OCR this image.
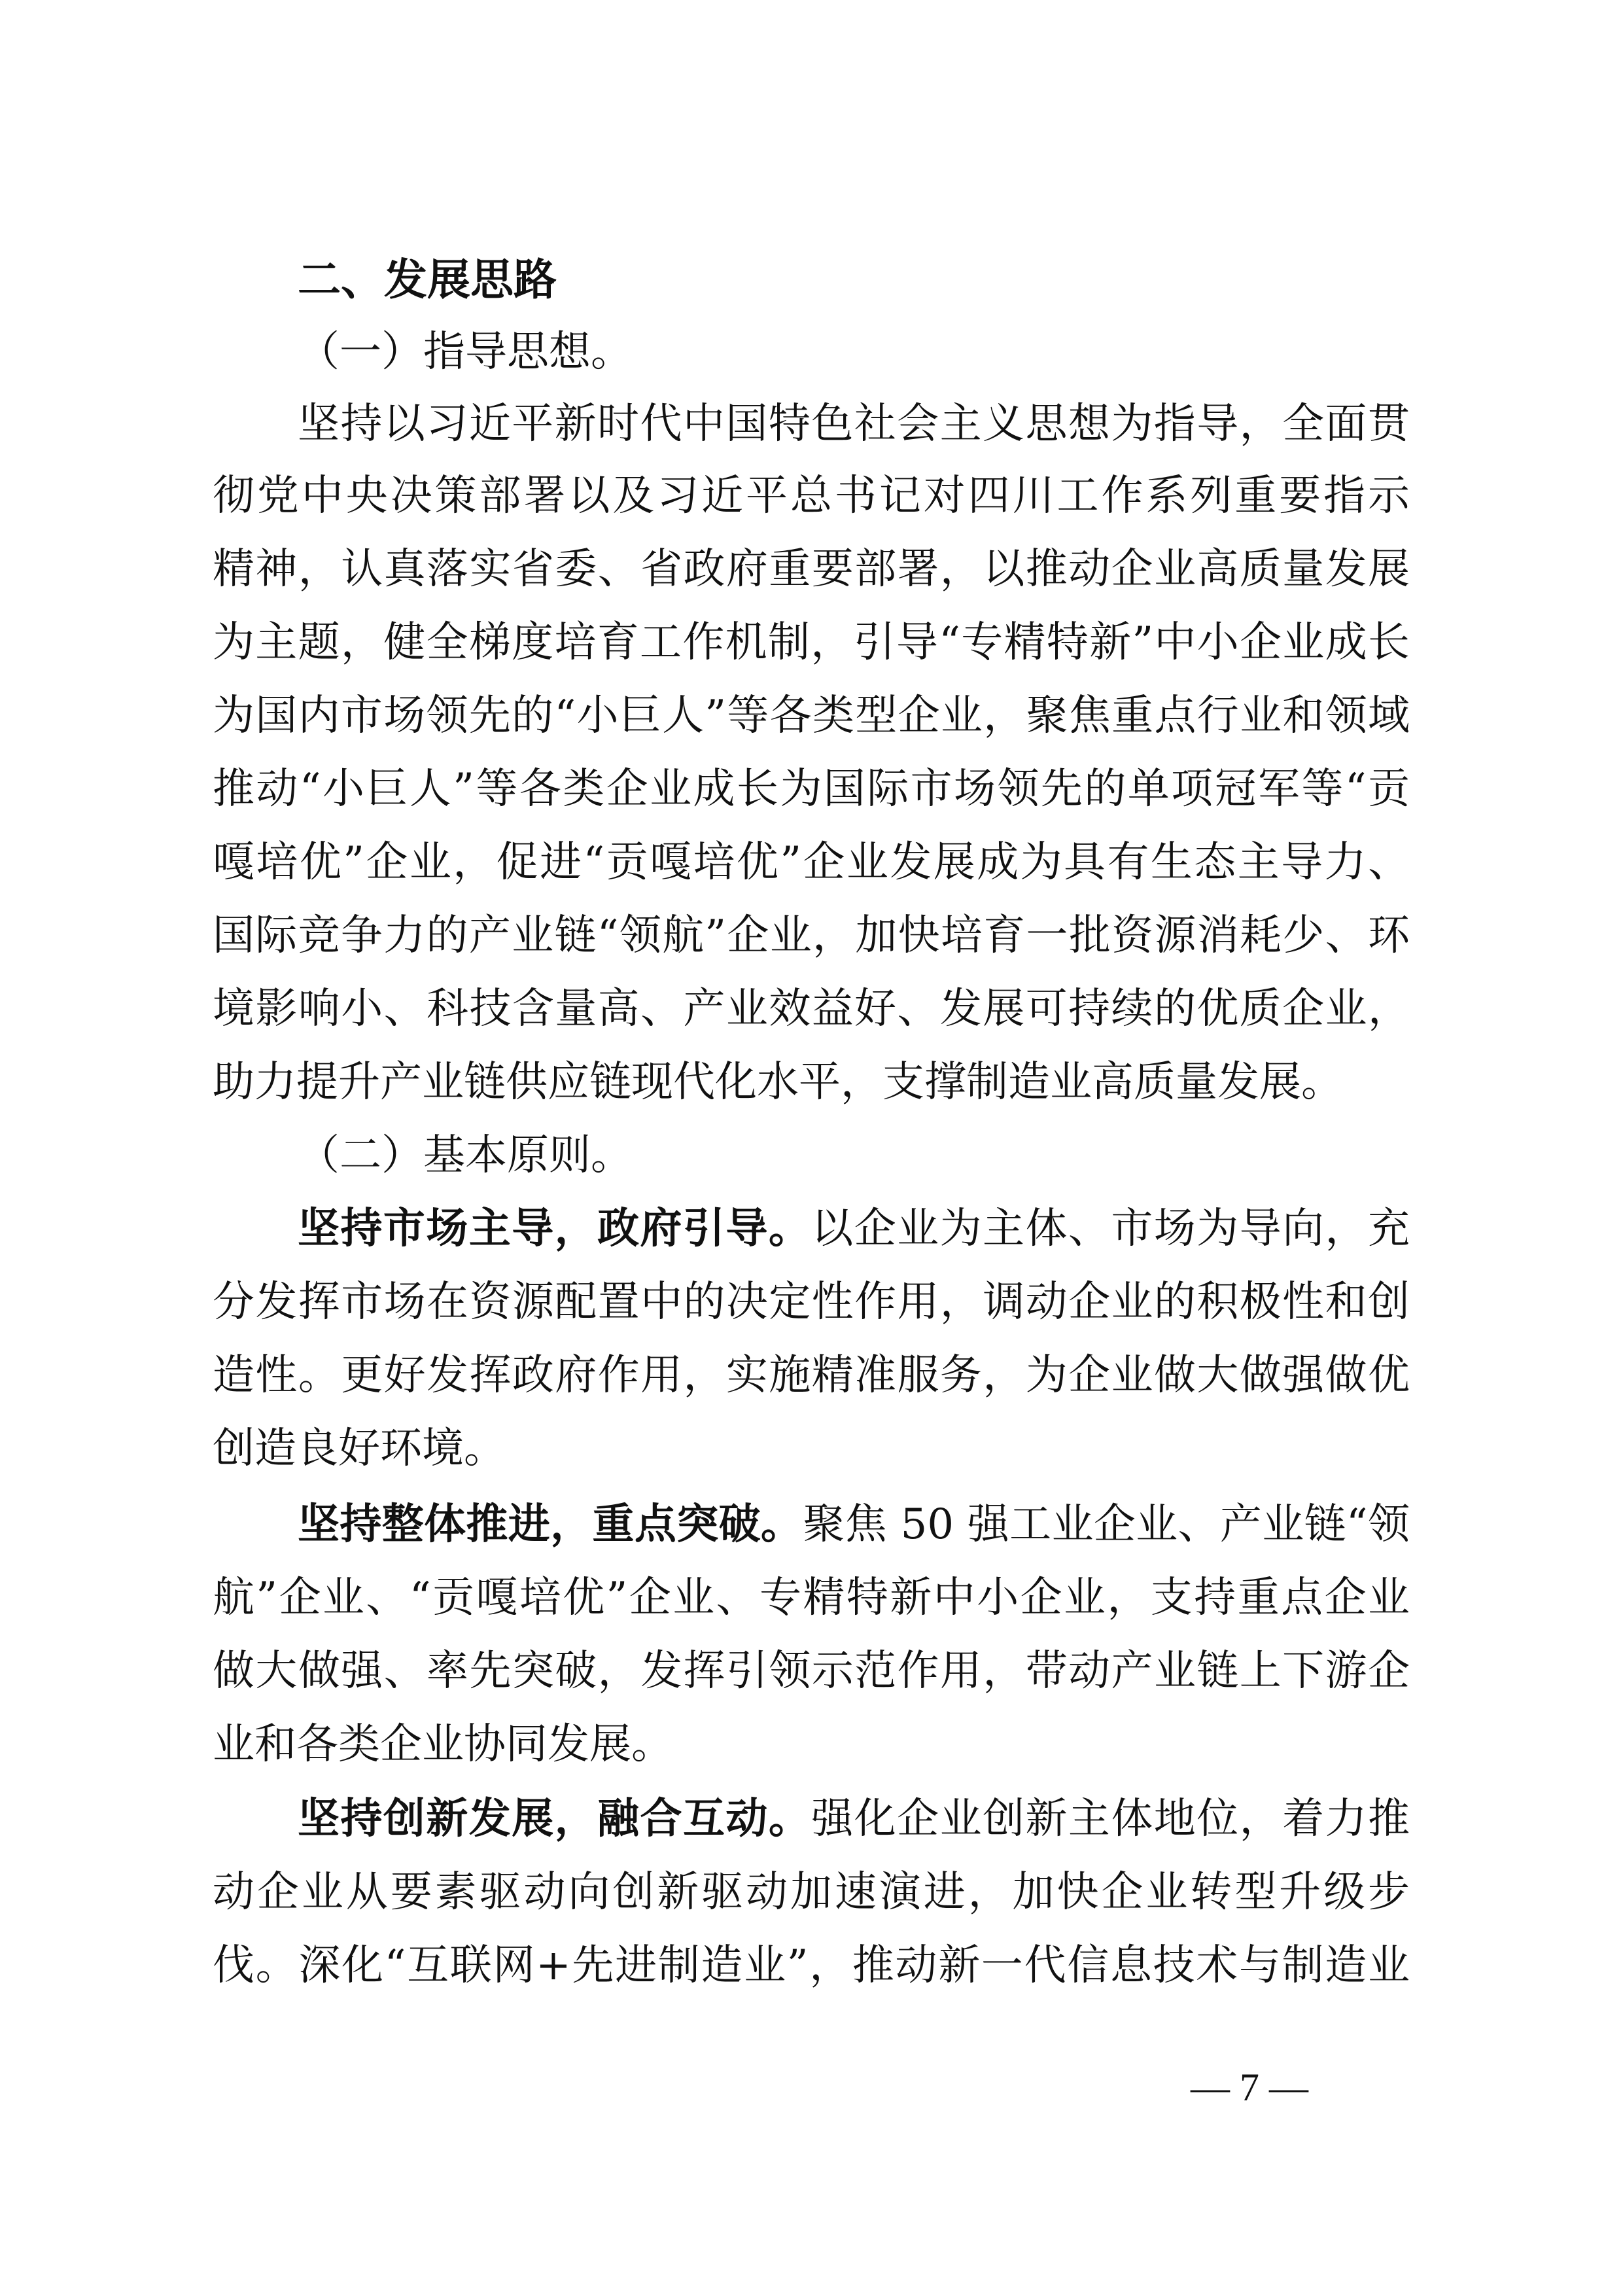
二、发展思路
（一）指导思想。
坚持以习近平新时代中国特色社会主义思想为指导，全面贯
彻党中央决策部署以及习近平总书记对四川工作系列重要指示
精神，认真落实省委、省政府重要部署，以推动企业高质量发展
为主题，健全梯度培育工作机制，引导“专精特新”中小企业成长
为国内市场领先的“小巨人”等各类型企业，聚焦重点行业和领域
推动“小巨人”等各类企业成长为国际市场领先的单项冠军等“贡
嘎培优”企业，促进“贡嘎培优”企业发展成为具有生态主导力、
国际竞争力的产业链“领航”企业，加快培育一批资源消耗少、环
境影响小、科技含量高、产业效益好、发展可持续的优质企业，
助力提升产业链供应链现代化水平，支撑制造业高质量发展。
（二）基本原则。
坚持市场主导，政府引导。以企业为主体、市场为导向，充
分发挥市场在资源配置中的决定性作用，调动企业的积极性和创
造性。更好发挥政府作用，实施精准服务，为企业做大做强做优
创造良好环境。
坚持整体推进，重点突破。聚焦 50 强工业企业、产业链“领
航”企业、“贡嘎培优”企业、专精特新中小企业，支持重点企业
做大做强、率先突破，发挥引领示范作用，带动产业链上下游企
业和各类企业协同发展。
坚持创新发展，融合互动。强化企业创新主体地位，着力推
动企业从要素驱动向创新驱动加速演进，加快企业转型升级步
伐。深化“互联网+先进制造业”，推动新一代信息技术与制造业
— 7 —
